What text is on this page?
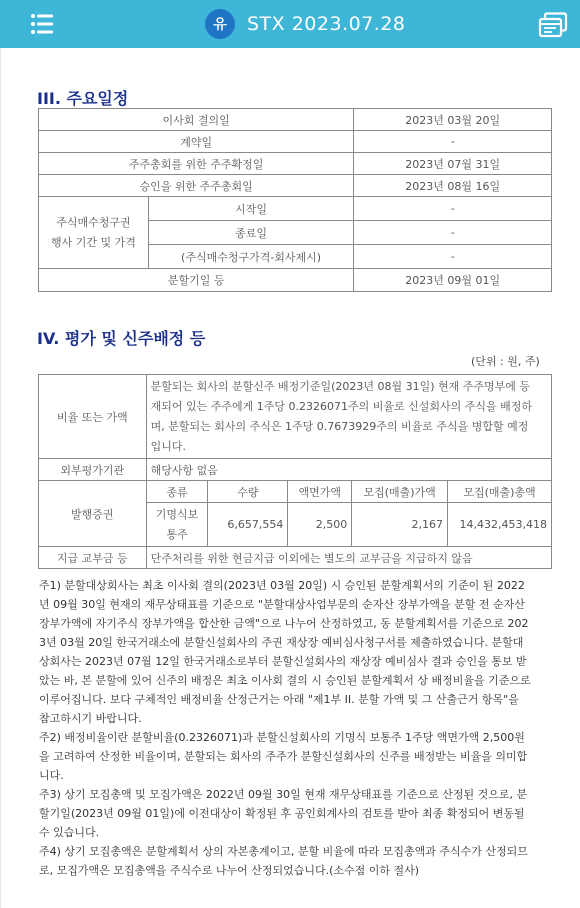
유	STX 2023.07.28
III. 주요일정
이사회 결의일		2023년 03월 20일
계약일		-
주주총회를 위한 주주확정일		2023년 07월 31일
승인을 위한 주주총회일		2023년 08월 16일
주식매수청구권
행사 기간 및 가격	시작일	-
	종료일	-
	(주식매수청구가격-회사제시)	-
분할기일 등		2023년 09월 01일
IV. 평가 및 신주배정 등
(단위 : 원, 주)
비율 또는 가액	분할되는 회사의 분할신주 배정기준일(2023년 08월 31일) 현재 주주명부에 등
재되어 있는 주주에게 1주당 0.2326071주의 비율로 신설회사의 주식을 배정하
며, 분할되는 회사의 주식은 1주당 0.7673929주의 비율로 주식을 병합할 예정
입니다.				
외부평가기관	해당사항 없음				
발행증권	종류	수량	액면가액	모집(매출)가액	모집(매출)총액
	기명식보
통주	6,657,554	2,500	2,167	14,432,453,418
지급 교부금 등	단주처리를 위한 현금지급 이외에는 별도의 교부금을 지급하지 않음				

주1) 분할대상회사는 최초 이사회 결의(2023년 03월 20일) 시 승인된 분할계획서의 기준이 된 2022
년 09월 30일 현재의 재무상태표를 기준으로 "분할대상사업부문의 순자산 장부가액을 분할 전 순자산
장부가액에 자기주식 장부가액을 합산한 금액"으로 나누어 산정하였고, 동 분할계획서를 기준으로 202
3년 03월 20일 한국거래소에 분할신설회사의 주권 재상장 예비심사청구서를 제출하였습니다. 분할대
상회사는 2023년 07월 12일 한국거래소로부터 분할신설회사의 재상장 예비심사 결과 승인을 통보 받
았는 바, 본 분할에 있어 신주의 배정은 최초 이사회 결의 시 승인된 분할계획서 상 배정비율을 기준으로
이루어집니다. 보다 구체적인 배정비율 산정근거는 아래 "제1부 II. 분할 가액 및 그 산출근거 항목"을
참고하시기 바랍니다.

주2) 배정비율이란 분할비율(0.2326071)과 분할신설회사의 기명식 보통주 1주당 액면가액 2,500원
을 고려하여 산정한 비율이며, 분할되는 회사의 주주가 분할신설회사의 신주를 배정받는 비율을 의미합
니다.

주3) 상기 모집총액 및 모집가액은 2022년 09월 30일 현재 재무상태표를 기준으로 산정된 것으로, 분
할기일(2023년 09월 01일)에 이전대상이 확정된 후 공인회계사의 검토를 받아 최종 확정되어 변동될
수 있습니다.

주4) 상기 모집총액은 분할계획서 상의 자본총계이고, 분할 비율에 따라 모집총액과 주식수가 산정되므
로, 모집가액은 모집총액을 주식수로 나누어 산정되었습니다.(소수점 이하 절사)
